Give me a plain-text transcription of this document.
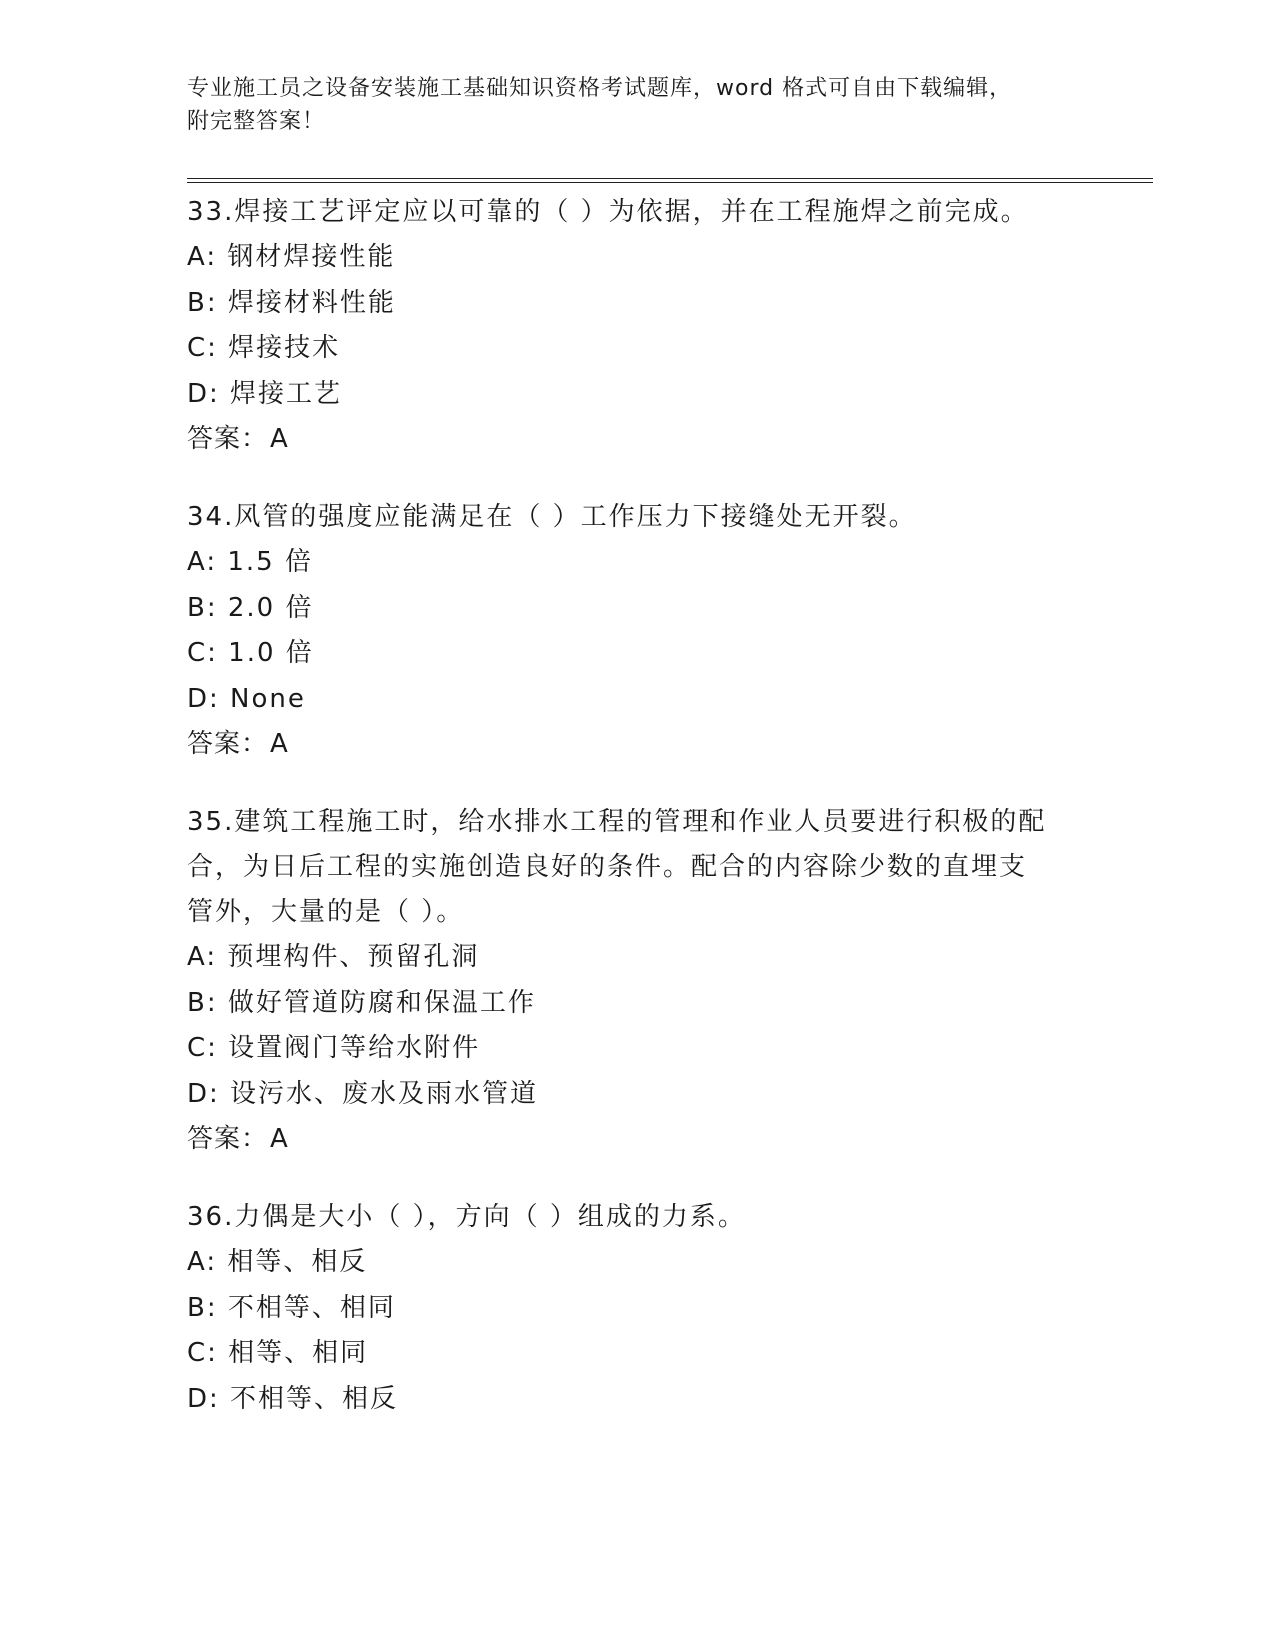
专业施工员之设备安装施工基础知识资格考试题库，word 格式可自由下载编辑，
附完整答案！

33.焊接工艺评定应以可靠的（ ）为依据，并在工程施焊之前完成。

A: 钢材焊接性能

B: 焊接材料性能

C: 焊接技术

D: 焊接工艺

答案：A

34.风管的强度应能满足在（ ）工作压力下接缝处无开裂。

A: 1.5 倍

B: 2.0 倍

C: 1.0 倍

D: None

答案：A

35.建筑工程施工时，给水排水工程的管理和作业人员要进行积极的配

合，为日后工程的实施创造良好的条件。配合的内容除少数的直埋支

管外，大量的是（ ）。

A: 预埋构件、预留孔洞

B: 做好管道防腐和保温工作

C: 设置阀门等给水附件

D: 设污水、废水及雨水管道

答案：A

36.力偶是大小（ ），方向（ ）组成的力系。

A: 相等、相反

B: 不相等、相同

C: 相等、相同

D: 不相等、相反
